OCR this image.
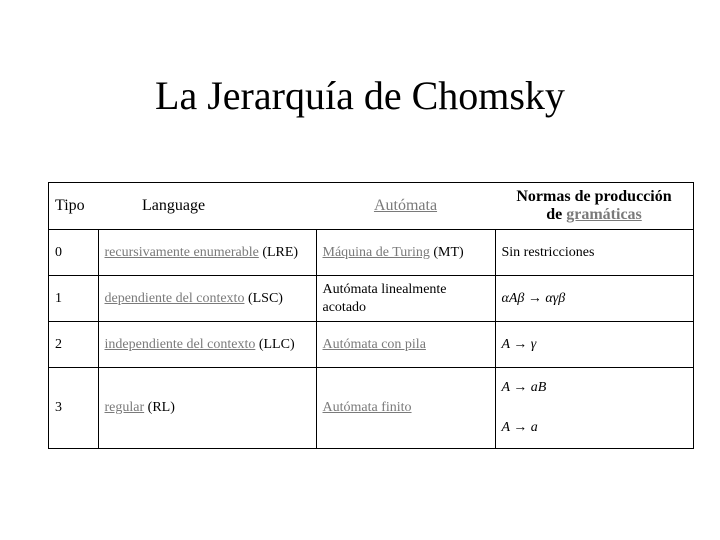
La Jerarquía de Chomsky
Tipo	Language	Autómata	Normas de producción
de gramáticas
0	recursivamente enumerable (LRE)	Máquina de Turing (MT)	Sin restricciones
1	dependiente del contexto (LSC)	Autómata linealmente acotado	αAβ → αγβ
2	independiente del contexto (LLC)	Autómata con pila	A → γ
3	regular (RL)	Autómata finito	A → aB
A → a
